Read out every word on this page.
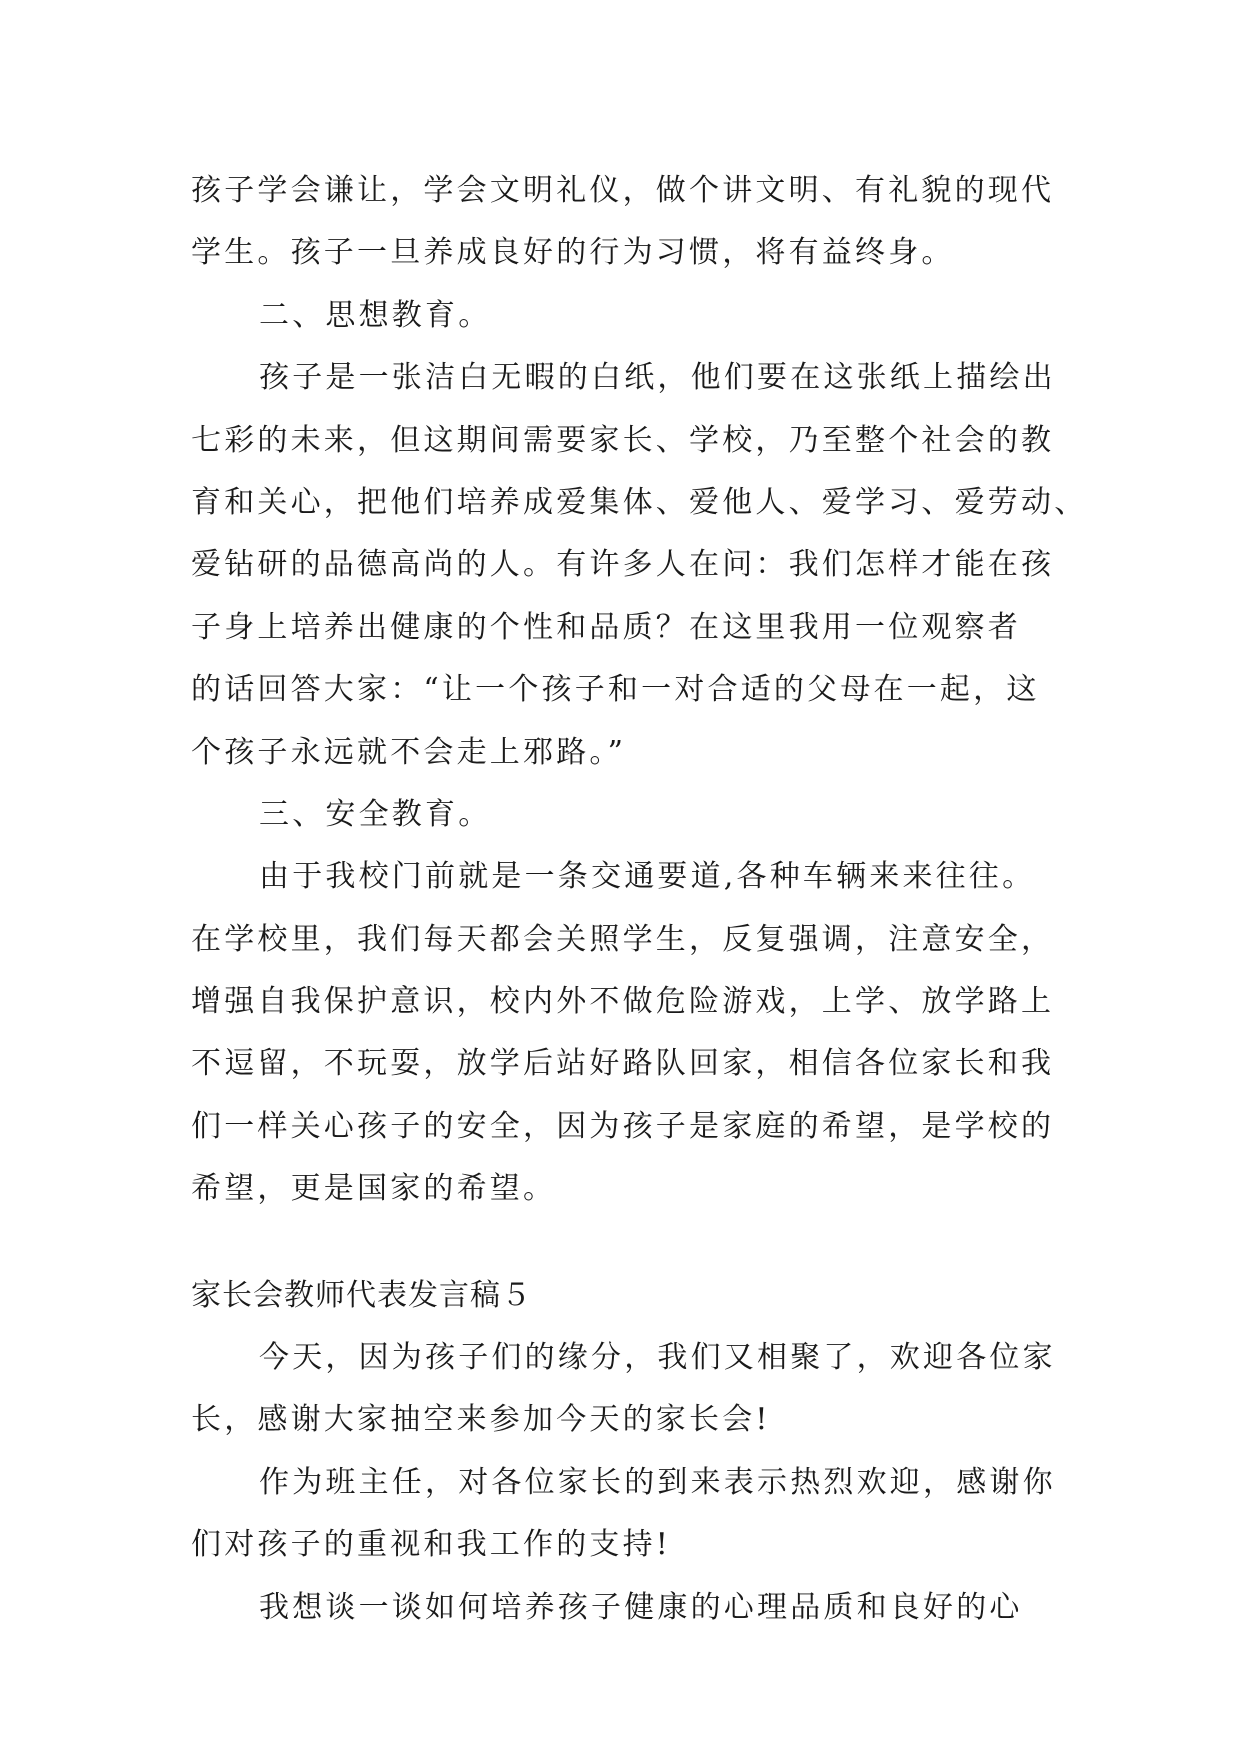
孩子学会谦让，学会文明礼仪，做个讲文明、有礼貌的现代
学生。孩子一旦养成良好的行为习惯，将有益终身。
二、思想教育。
孩子是一张洁白无暇的白纸，他们要在这张纸上描绘出
七彩的未来，但这期间需要家长、学校，乃至整个社会的教
育和关心，把他们培养成爱集体、爱他人、爱学习、爱劳动、
爱钻研的品德高尚的人。有许多人在问：我们怎样才能在孩
子身上培养出健康的个性和品质？在这里我用一位观察者
的话回答大家：“让一个孩子和一对合适的父母在一起，这
个孩子永远就不会走上邪路。”
三、安全教育。
由于我校门前就是一条交通要道,各种车辆来来往往。
在学校里，我们每天都会关照学生，反复强调，注意安全，
增强自我保护意识，校内外不做危险游戏，上学、放学路上
不逗留，不玩耍，放学后站好路队回家，相信各位家长和我
们一样关心孩子的安全，因为孩子是家庭的希望，是学校的
希望，更是国家的希望。
家长会教师代表发言稿５
今天，因为孩子们的缘分，我们又相聚了，欢迎各位家
长，感谢大家抽空来参加今天的家长会!
作为班主任，对各位家长的到来表示热烈欢迎，感谢你
们对孩子的重视和我工作的支持!
我想谈一谈如何培养孩子健康的心理品质和良好的心
